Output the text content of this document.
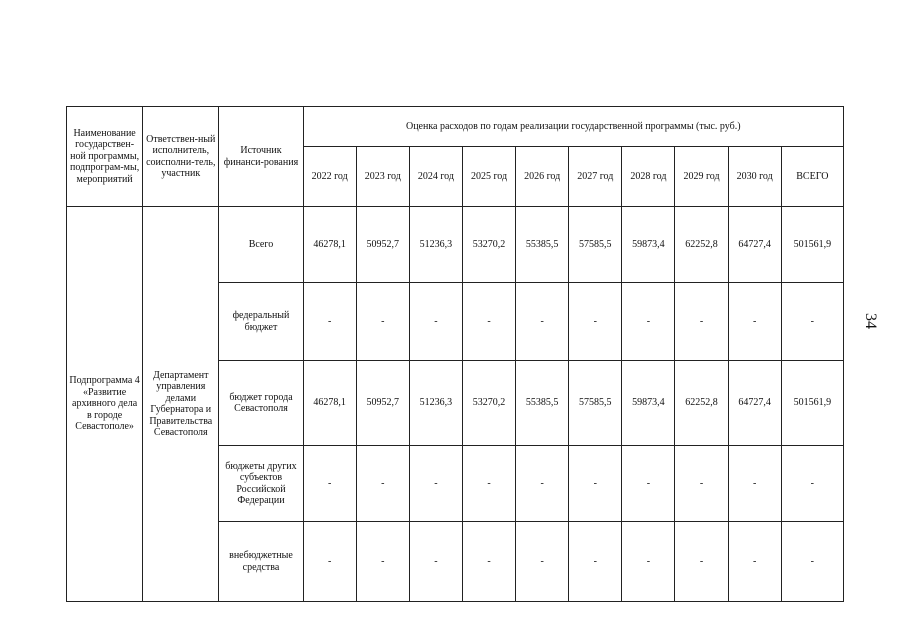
34
Наименование государствен-ной программы, подпрограм-мы, мероприятий	Ответствен-ный исполнитель, соисполни-тель, участник	Источник финанси-рования	Оценка расходов по годам реализации государственной программы (тыс. руб.)									
			2022 год	2023 год	2024 год	2025 год	2026 год	2027 год	2028 год	2029 год	2030 год	ВСЕГО
Подпрограмма 4 «Развитие архивного дела в городе Севастополе»	Департамент управления делами Губернатора и Правительства Севастополя	Всего	46278,1	50952,7	51236,3	53270,2	55385,5	57585,5	59873,4	62252,8	64727,4	501561,9
		федеральный бюджет	-	-	-	-	-	-	-	-	-	-
		бюджет города Севастополя	46278,1	50952,7	51236,3	53270,2	55385,5	57585,5	59873,4	62252,8	64727,4	501561,9
		бюджеты других субъектов Российской Федерации	-	-	-	-	-	-	-	-	-	-
		внебюджетные средства	-	-	-	-	-	-	-	-	-	-
